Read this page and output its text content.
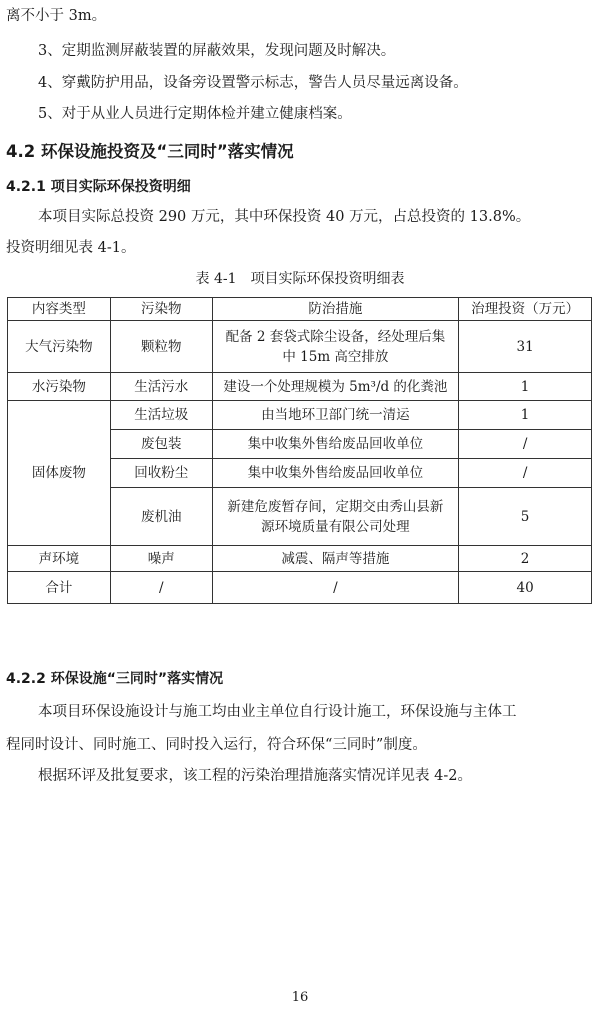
离不小于 3m。
3、定期监测屏蔽装置的屏蔽效果，发现问题及时解决。
4、穿戴防护用品，设备旁设置警示标志，警告人员尽量远离设备。
5、对于从业人员进行定期体检并建立健康档案。
4.2 环保设施投资及“三同时”落实情况
4.2.1 项目实际环保投资明细
本项目实际总投资 290 万元，其中环保投资 40 万元，占总投资的 13.8%。
投资明细见表 4-1。
表 4-1　项目实际环保投资明细表
内容类型	污染物	防治措施	治理投资（万元）
大气污染物	颗粒物	配备 2 套袋式除尘设备，经处理后集
中 15m 高空排放	31
水污染物	生活污水	建设一个处理规模为 5m³/d 的化粪池	1
固体废物	生活垃圾	由当地环卫部门统一清运	1
	废包装	集中收集外售给废品回收单位	/
	回收粉尘	集中收集外售给废品回收单位	/
	废机油	新建危废暂存间，定期交由秀山县新
源环境质量有限公司处理	5
声环境	噪声	减震、隔声等措施	2
合计	/	/	40
4.2.2 环保设施“三同时”落实情况
本项目环保设施设计与施工均由业主单位自行设计施工，环保设施与主体工
程同时设计、同时施工、同时投入运行，符合环保“三同时”制度。
根据环评及批复要求，该工程的污染治理措施落实情况详见表 4-2。
16
